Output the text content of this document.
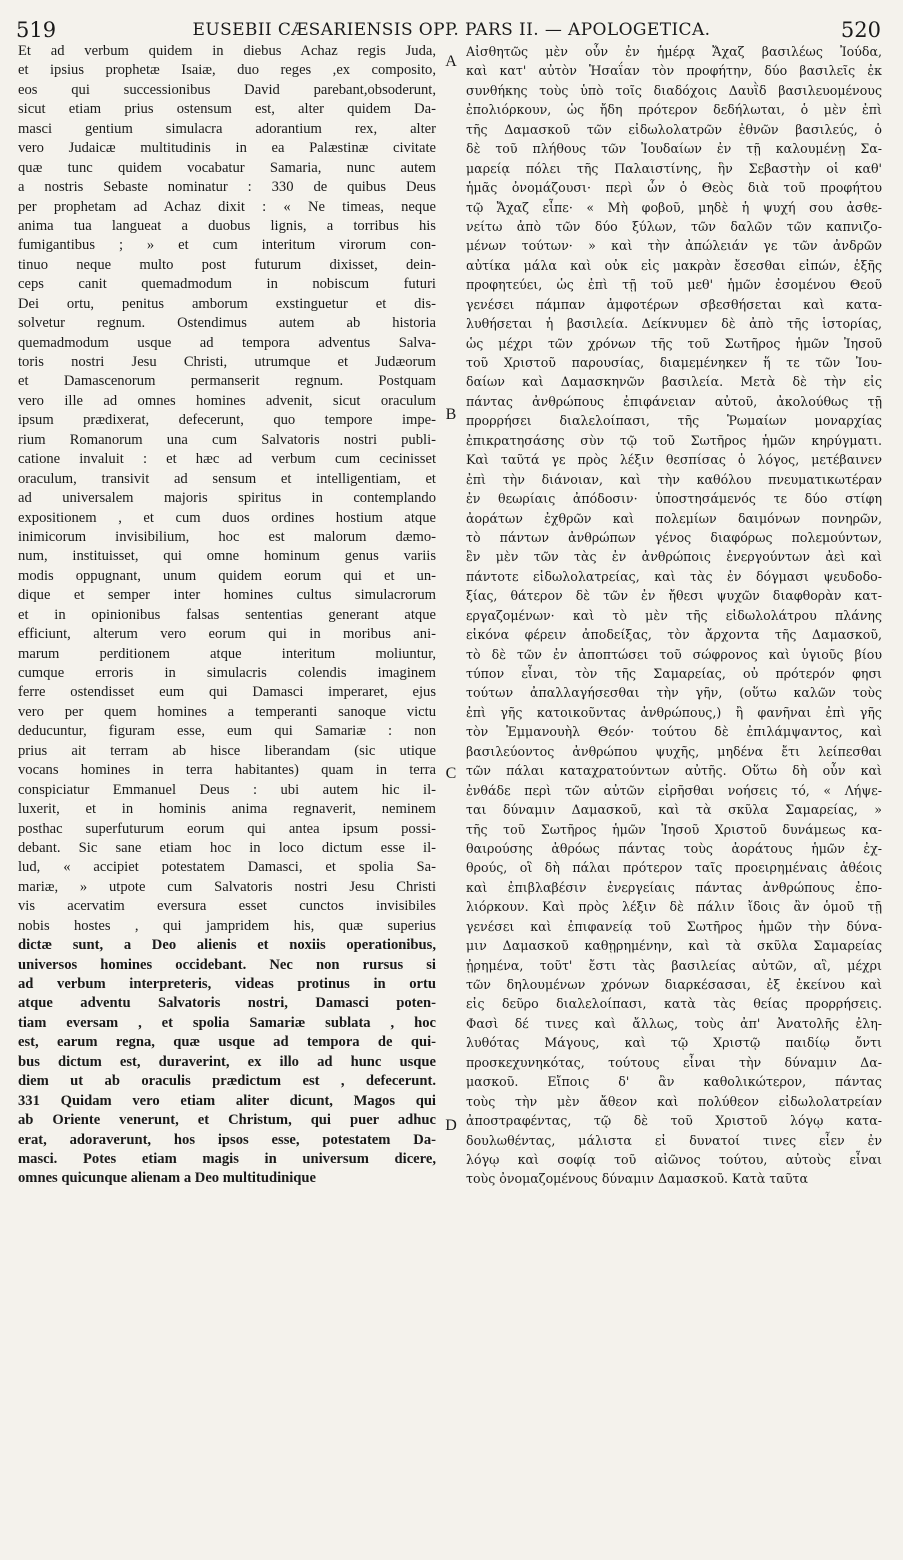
519	EUSEBII CÆSARIENSIS OPP. PARS II. — APOLOGETICA.	520
Et ad verbum quidem in diebus Achaz regis Juda,
et ipsius prophetæ Isaiæ, duo reges ,ex composito,
eos qui successionibus David parebant,obsoderunt,
sicut etiam prius ostensum est, alter quidem Da-
masci gentium simulacra adorantium rex, alter
vero Judaicæ multitudinis in ea Palæstinæ civitate
quæ tunc quidem vocabatur Samaria, nunc autem
a nostris Sebaste nominatur : 330 de quibus Deus
per prophetam ad Achaz dixit : « Ne timeas, neque
anima tua langueat a duobus lignis, a torribus his
fumigantibus ; » et cum interitum virorum con-
tinuo neque multo post futurum dixisset, dein-
ceps canit quemadmodum in nobiscum futuri
Dei ortu, penitus amborum exstinguetur et dis-
solvetur regnum. Ostendimus autem ab historia
quemadmodum usque ad tempora adventus Salva-
toris nostri Jesu Christi, utrumque et Judæorum
et Damascenorum permanserit regnum. Postquam
vero ille ad omnes homines advenit, sicut oraculum
ipsum prædixerat, defecerunt, quo tempore impe-
rium Romanorum una cum Salvatoris nostri publi-
catione invaluit : et hæc ad verbum cum cecinisset
oraculum, transivit ad sensum et intelligentiam, et
ad universalem majoris spiritus in contemplando
expositionem , et cum duos ordines hostium atque
inimicorum invisibilium, hoc est malorum dæmo-
num, instituisset, qui omne hominum genus variis
modis oppugnant, unum quidem eorum qui et un-
dique et semper inter homines cultus simulacrorum
et in opinionibus falsas sententias generant atque
efficiunt, alterum vero eorum qui in moribus ani-
marum perditionem atque interitum moliuntur,
cumque erroris in simulacris colendis imaginem
ferre ostendisset eum qui Damasci imperaret, ejus
vero per quem homines a temperanti sanoque victu
deducuntur, figuram esse, eum qui Samariæ : non
prius ait terram ab hisce liberandam (sic utique
vocans homines in terra habitantes) quam in terra
conspiciatur Emmanuel Deus : ubi autem hic il-
luxerit, et in hominis anima regnaverit, neminem
posthac superfuturum eorum qui antea ipsum possi-
debant. Sic sane etiam hoc in loco dictum esse il-
lud, « accipiet potestatem Damasci, et spolia Sa-
mariæ, » utpote cum Salvatoris nostri Jesu Christi
vis acervatim eversura esset cunctos invisibiles
nobis hostes , qui jampridem his, quæ superius
dictæ sunt, a Deo alienis et noxiis operationibus,
universos homines occidebant. Nec non rursus si
ad verbum interpreteris, videas protinus in ortu
atque adventu Salvatoris nostri, Damasci poten-
tiam eversam , et spolia Samariæ sublata , hoc
est, earum regna, quæ usque ad tempora de qui-
bus dictum est, duraverint, ex illo ad hunc usque
diem ut ab oraculis prædictum est , defecerunt.
331 Quidam vero etiam aliter dicunt, Magos qui
ab Oriente venerunt, et Christum, qui puer adhuc
erat, adoraverunt, hos ipsos esse, potestatem Da-
masci. Potes etiam magis in universum dicere,
omnes quicunque alienam a Deo multitudinique
A
B
C
D
Αἰσθητῶς μὲν οὖν ἐν ἡμέρᾳ Ἄχαζ βασιλέως Ἰούδα,
καὶ κατ' αὐτὸν Ἡσαΐαν τὸν προφήτην, δύο βασιλεῖς ἐκ
συνθήκης τοὺς ὑπὸ τοῖς διαδόχοις Δαυῒδ βασιλευομένους
ἐπολιόρκουν, ὡς ἤδη πρότερον δεδήλωται, ὁ μὲν ἐπὶ
τῆς Δαμασκοῦ τῶν εἰδωλολατρῶν ἐθνῶν βασιλεύς, ὁ
δὲ τοῦ πλήθους τῶν Ἰουδαίων ἐν τῇ καλουμένῃ Σα-
μαρείᾳ πόλει τῆς Παλαιστίνης, ἣν Σεβαστὴν οἱ καθ'
ἡμᾶς ὀνομάζουσι· περὶ ὧν ὁ Θεὸς διὰ τοῦ προφήτου
τῷ Ἄχαζ εἶπε· « Μὴ φοβοῦ, μηδὲ ἡ ψυχή σου ἀσθε-
νείτω ἀπὸ τῶν δύο ξύλων, τῶν δαλῶν τῶν καπνιζο-
μένων τούτων· » καὶ τὴν ἀπώλειάν γε τῶν ἀνδρῶν
αὐτίκα μάλα καὶ οὐκ εἰς μακρὰν ἔσεσθαι εἰπών, ἑξῆς
προφητεύει, ὡς ἐπὶ τῇ τοῦ μεθ' ἡμῶν ἐσομένου Θεοῦ
γενέσει πάμπαν ἀμφοτέρων σβεσθήσεται καὶ κατα-
λυθήσεται ἡ βασιλεία. Δείκνυμεν δὲ ἀπὸ τῆς ἱστορίας,
ὡς μέχρι τῶν χρόνων τῆς τοῦ Σωτῆρος ἡμῶν Ἰησοῦ
τοῦ Χριστοῦ παρουσίας, διαμεμένηκεν ἥ τε τῶν Ἰου-
δαίων καὶ Δαμασκηνῶν βασιλεία. Μετὰ δὲ τὴν εἰς
πάντας ἀνθρώπους ἐπιφάνειαν αὐτοῦ, ἀκολούθως τῇ
προρρήσει διαλελοίπασι, τῆς Ῥωμαίων μοναρχίας
ἐπικρατησάσης σὺν τῷ τοῦ Σωτῆρος ἡμῶν κηρύγματι.
Καὶ ταῦτά γε πρὸς λέξιν θεσπίσας ὁ λόγος, μετέβαινεν
ἐπὶ τὴν διάνοιαν, καὶ τὴν καθόλου πνευματικωτέραν
ἐν θεωρίαις ἀπόδοσιν· ὑποστησάμενός τε δύο στίφη
ἀοράτων ἐχθρῶν καὶ πολεμίων δαιμόνων πονηρῶν,
τὸ πάντων ἀνθρώπων γένος διαφόρως πολεμούντων,
ἓν μὲν τῶν τὰς ἐν ἀνθρώποις ἐνεργούντων ἀεὶ καὶ
πάντοτε εἰδωλολατρείας, καὶ τὰς ἐν δόγμασι ψευδοδο-
ξίας, θάτερον δὲ τῶν ἐν ἤθεσι ψυχῶν διαφθορὰν κατ-
εργαζομένων· καὶ τὸ μὲν τῆς εἰδωλολάτρου πλάνης
εἰκόνα φέρειν ἀποδείξας, τὸν ἄρχοντα τῆς Δαμασκοῦ,
τὸ δὲ τῶν ἐν ἀποπτώσει τοῦ σώφρονος καὶ ὑγιοῦς βίου
τύπον εἶναι, τὸν τῆς Σαμαρείας, οὐ πρότερόν φησι
τούτων ἀπαλλαγήσεσθαι τὴν γῆν, (οὕτω καλῶν τοὺς
ἐπὶ γῆς κατοικοῦντας ἀνθρώπους,) ἢ φανῆναι ἐπὶ γῆς
τὸν Ἐμμανουὴλ Θεόν· τούτου δὲ ἐπιλάμψαντος, καὶ
βασιλεύοντος ἀνθρώπου ψυχῆς, μηδένα ἔτι λείπεσθαι
τῶν πάλαι καταχρατούντων αὐτῆς. Οὕτω δὴ οὖν καὶ
ἐνθάδε περὶ τῶν αὐτῶν εἰρῆσθαι νοήσεις τό, « Λήψε-
ται δύναμιν Δαμασκοῦ, καὶ τὰ σκῦλα Σαμαρείας, »
τῆς τοῦ Σωτῆρος ἡμῶν Ἰησοῦ Χριστοῦ δυνάμεως κα-
θαιρούσης ἀθρόως πάντας τοὺς ἀοράτους ἡμῶν ἐχ-
θρούς, οἳ δὴ πάλαι πρότερον ταῖς προειρημέναις ἀθέοις
καὶ ἐπιβλαβέσιν ἐνεργείαις πάντας ἀνθρώπους ἐπο-
λιόρκουν. Καὶ πρὸς λέξιν δὲ πάλιν ἴδοις ἂν ὁμοῦ τῇ
γενέσει καὶ ἐπιφανείᾳ τοῦ Σωτῆρος ἡμῶν τὴν δύνα-
μιν Δαμασκοῦ καθῃρημένην, καὶ τὰ σκῦλα Σαμαρείας
ᾐρημένα, τοῦτ' ἔστι τὰς βασιλείας αὐτῶν, αἳ, μέχρι
τῶν δηλουμένων χρόνων διαρκέσασαι, ἐξ ἐκείνου καὶ
εἰς δεῦρο διαλελοίπασι, κατὰ τὰς θείας προρρήσεις.
Φασὶ δέ τινες καὶ ἄλλως, τοὺς ἀπ' Ἀνατολῆς ἐλη-
λυθότας Μάγους, καὶ τῷ Χριστῷ παιδίῳ ὄντι
προσκεχυνηκότας, τούτους εἶναι τὴν δύναμιν Δα-
μασκοῦ. Εἴποις δ' ἂν καθολικώτερον, πάντας
τοὺς τὴν μὲν ἄθεον καὶ πολύθεον εἰδωλολατρείαν
ἀποστραφέντας, τῷ δὲ τοῦ Χριστοῦ λόγῳ κατα-
δουλωθέντας, μάλιστα εἰ δυνατοί τινες εἶεν ἐν
λόγῳ καὶ σοφίᾳ τοῦ αἰῶνος τούτου, αὐτοὺς εἶναι
τοὺς ὀνομαζομένους δύναμιν Δαμασκοῦ. Κατὰ ταῦτα
